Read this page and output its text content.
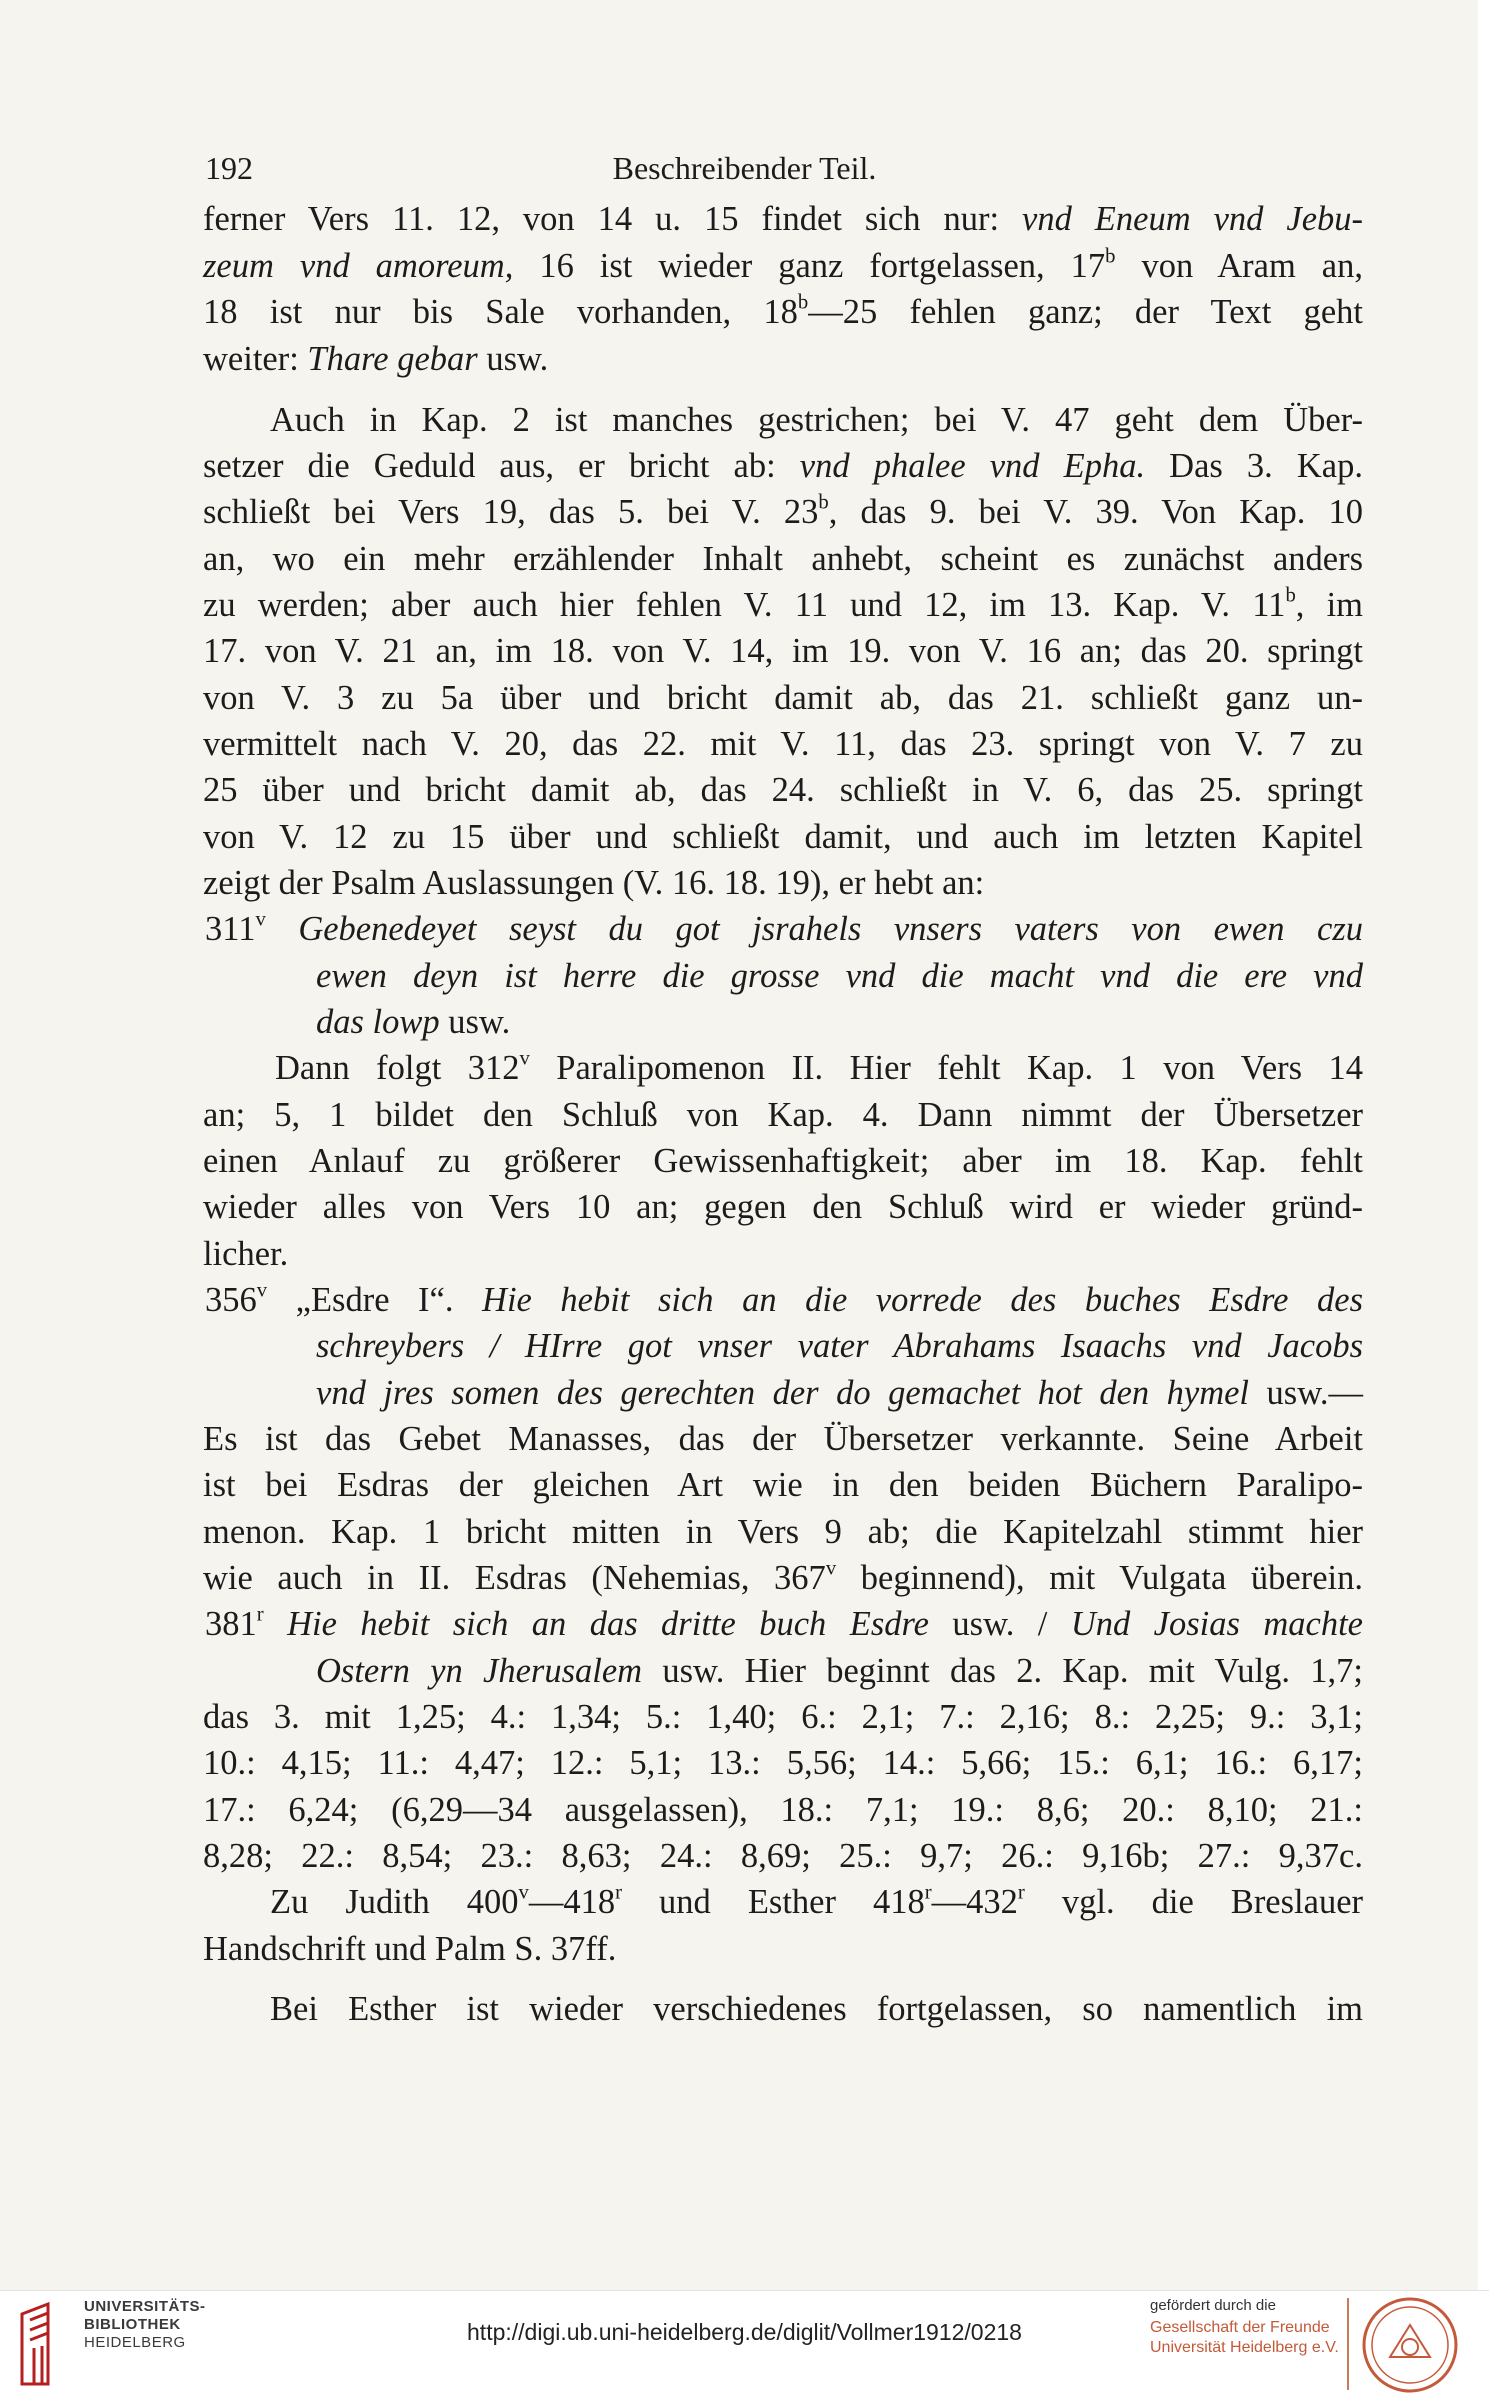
192	Beschreibender Teil.
ferner Vers 11. 12, von 14 u. 15 findet sich nur: vnd Eneum vnd Jebu-
zeum vnd amoreum, 16 ist wieder ganz fortgelassen, 17$^b$ von Aram an,
18 ist nur bis Sale vorhanden, 18$^b$—25 fehlen ganz; der Text geht
weiter: Thare gebar usw.
Auch in Kap. 2 ist manches gestrichen; bei V. 47 geht dem Über-
setzer die Geduld aus, er bricht ab: vnd phalee vnd Epha. Das 3. Kap.
schließt bei Vers 19, das 5. bei V. 23$^b$, das 9. bei V. 39. Von Kap. 10
an, wo ein mehr erzählender Inhalt anhebt, scheint es zunächst anders
zu werden; aber auch hier fehlen V. 11 und 12, im 13. Kap. V. 11$^b$, im
17. von V. 21 an, im 18. von V. 14, im 19. von V. 16 an; das 20. springt
von V. 3 zu 5a über und bricht damit ab, das 21. schließt ganz un-
vermittelt nach V. 20, das 22. mit V. 11, das 23. springt von V. 7 zu
25 über und bricht damit ab, das 24. schließt in V. 6, das 25. springt
von V. 12 zu 15 über und schließt damit, und auch im letzten Kapitel
zeigt der Psalm Auslassungen (V. 16. 18. 19), er hebt an:
311$^v$ Gebenedeyet seyst du got jsrahels vnsers vaters von ewen czu
ewen deyn ist herre die grosse vnd die macht vnd die ere vnd
das lowp usw.
Dann folgt 312$^v$ Paralipomenon II. Hier fehlt Kap. 1 von Vers 14
an; 5, 1 bildet den Schluß von Kap. 4. Dann nimmt der Übersetzer
einen Anlauf zu größerer Gewissenhaftigkeit; aber im 18. Kap. fehlt
wieder alles von Vers 10 an; gegen den Schluß wird er wieder gründ-
licher.
356$^v$ „Esdre I“. Hie hebit sich an die vorrede des buches Esdre des
schreybers / HIrre got vnser vater Abrahams Isaachs vnd Jacobs
vnd jres somen des gerechten der do gemachet hot den hymel usw.—
Es ist das Gebet Manasses, das der Übersetzer verkannte. Seine Arbeit
ist bei Esdras der gleichen Art wie in den beiden Büchern Paralipo-
menon. Kap. 1 bricht mitten in Vers 9 ab; die Kapitelzahl stimmt hier
wie auch in II. Esdras (Nehemias, 367$^v$ beginnend), mit Vulgata überein.
381$^r$ Hie hebit sich an das dritte buch Esdre usw. / Und Josias machte
Ostern yn Jherusalem usw. Hier beginnt das 2. Kap. mit Vulg. 1,7;
das 3. mit 1,25; 4.: 1,34; 5.: 1,40; 6.: 2,1; 7.: 2,16; 8.: 2,25; 9.: 3,1;
10.: 4,15; 11.: 4,47; 12.: 5,1; 13.: 5,56; 14.: 5,66; 15.: 6,1; 16.: 6,17;
17.: 6,24; (6,29—34 ausgelassen), 18.: 7,1; 19.: 8,6; 20.: 8,10; 21.:
8,28; 22.: 8,54; 23.: 8,63; 24.: 8,69; 25.: 9,7; 26.: 9,16b; 27.: 9,37c.
Zu Judith 400$^v$—418$^r$ und Esther 418$^r$—432$^r$ vgl. die Breslauer
Handschrift und Palm S. 37ff.
Bei Esther ist wieder verschiedenes fortgelassen, so namentlich im
UNIVERSITÄTS-
BIBLIOTHEK
HEIDELBERG	http://digi.ub.uni-heidelberg.de/diglit/Vollmer1912/0218
gefördert durch die
Gesellschaft der Freunde
Universität Heidelberg e.V.
